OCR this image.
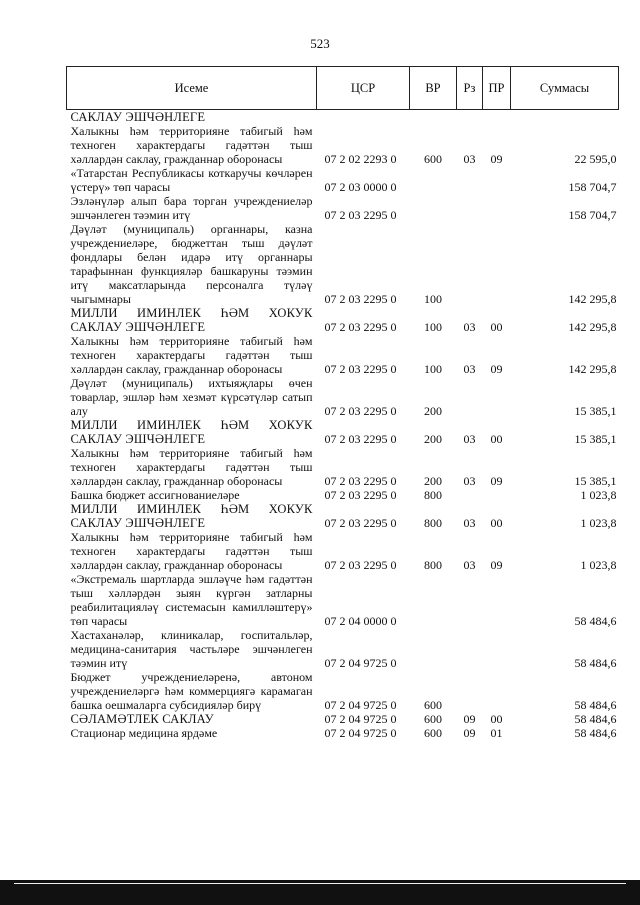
523
Исеме	ЦСР	ВР	Рз	ПР	Суммасы
САКЛАУ ЭШЧӘНЛЕГЕ					
Халыкны һәм территорияне табигый һәм техноген характердагы гадәттән тыш хәллардән саклау, гражданнар оборонасы	07 2 02 2293 0	600	03	09	22 595,0
«Татарстан Республикасы коткаручы көчләрен үстерү» төп чарасы	07 2 03 0000 0				158 704,7
Эзләнүләр алып бара торган учреждениеләр эшчәнлеген тәэмин итү	07 2 03 2295 0				158 704,7
Дәүләт (муниципаль) органнары, казна учреждениеләре, бюджеттан тыш дәүләт фондлары белән идарә итү органнары тарафыннан функцияләр башкаруны тәэмин итү максатларында персоналга түләү чыгымнары	07 2 03 2295 0	100			142 295,8
МИЛЛИ ИМИНЛЕК ҺӘМ ХОКУК САКЛАУ ЭШЧӘНЛЕГЕ	07 2 03 2295 0	100	03	00	142 295,8
Халыкны һәм территорияне табигый һәм техноген характердагы гадәттән тыш хәллардән саклау, гражданнар оборонасы	07 2 03 2295 0	100	03	09	142 295,8
Дәүләт (муниципаль) ихтыяҗлары өчен товарлар, эшләр һәм хезмәт күрсәтүләр сатып алу	07 2 03 2295 0	200			15 385,1
МИЛЛИ ИМИНЛЕК ҺӘМ ХОКУК САКЛАУ ЭШЧӘНЛЕГЕ	07 2 03 2295 0	200	03	00	15 385,1
Халыкны һәм территорияне табигый һәм техноген характердагы гадәттән тыш хәллардән саклау, гражданнар оборонасы	07 2 03 2295 0	200	03	09	15 385,1
Башка бюджет ассигнованиеләре	07 2 03 2295 0	800			1 023,8
МИЛЛИ ИМИНЛЕК ҺӘМ ХОКУК САКЛАУ ЭШЧӘНЛЕГЕ	07 2 03 2295 0	800	03	00	1 023,8
Халыкны һәм территорияне табигый һәм техноген характердагы гадәттән тыш хәллардән саклау, гражданнар оборонасы	07 2 03 2295 0	800	03	09	1 023,8
«Экстремаль шартларда эшләүче һәм гадәттән тыш хәлләрдән зыян күргән затларны реабилитацияләү системасын камилләштерү» төп чарасы	07 2 04 0000 0				58 484,6
Хастаханәләр, клиникалар, госпитальләр, медицина-санитария частьләре эшчәнлеген тәэмин итү	07 2 04 9725 0				58 484,6
Бюджет учреждениеләренә, автоном учреждениеләргә һәм коммерциягә карамаган башка оешмаларга субсидияләр бирү	07 2 04 9725 0	600			58 484,6
СӘЛАМӘТЛЕК САКЛАУ	07 2 04 9725 0	600	09	00	58 484,6
Стационар медицина ярдәме	07 2 04 9725 0	600	09	01	58 484,6
